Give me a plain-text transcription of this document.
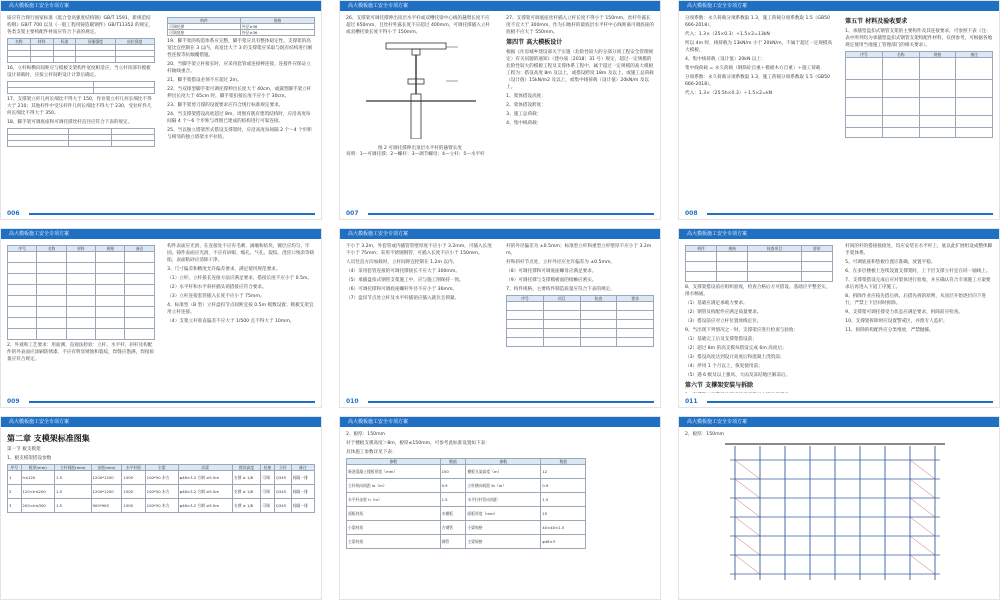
高大模板施工安全专项方案
质应符合现行国家标准《低合金高强度结构钢》GB/T 1591，新规范结构钢》GB/T 700 以及《一般工程用铸造碳钢件》GB/T11352 的规定，各类支架主要构配件材质应符合下表的规定。
名称	材料	标准	屈服强度	抗拉强度

16、立杆纵横向间距应与模板支架构件宽度相适应，当立杆顶部有模板设计荷载时，应按立杆间距设计计算后确定。

17、支撑架立杆几何长细比不得大于 150，作业架立杆几何长细比不得大于 210；其他杆件中受压杆件几何长细比不得大于 230，受拉杆件几何长细比不得大于 350。
18、脚手架可调底座和可调托撑丝杆直径应符合下表的规定。

构件	规格
可调托撑	外径≥36
可调底座	外径≥36
19、脚手架的构造体系应完整，脚手架应具有整体稳定性。支撑架的高宽比宜控制在 3 以内，高宽比大于 3 的支撑架应采取与既有结构进行刚性连接等抗倾覆措施。
20、当脚手架立杆接长时，应采用套管或连接棒连接，连接件应保证立杆轴线重合。
21、脚手架搭设必须不应超过 2m。
22、当双排型脚手架可调托撑伸出长度大于 40cm，或露型脚手架立杆伸出长度大于 65cm 时，脚手架扣接长度不应小于 30cm。
23、脚手架剪刀撑的设置要求应符合现行标准规定要求。
24、当支撑架搭设高度超过 8m，周围有既有建筑结构时，应沿高度每间隔 4 个～6 个步距与周围已建成的结构进行可靠连接。
25、当以独立塔架形式搭设支撑架时，应沿高度每间隔 2 个～4 个步距与相邻的独立塔架水平拉结。
006
高大模板施工安全专项方案
26、支撑架可调托撑伸出顶层水平杆或双槽托梁中心线的悬臂长度不应超过 650mm，且丝杆外露长度不应超过 400mm，可调托撑插入立杆或双槽托梁长度不得小于 150mm。
图 2 可调托撑伸出顶层水平杆的悬臂长度
说明：1—可调托撑；2—螺杆；3—调节螺母；4—立杆；5—水平杆
27、支撑架可调底座丝杆插入立杆长度不得小于 150mm，丝杆外露长度不宜大于 300mm，作为扫地杆的最底层水平杆中心线距离可调底座的底板不应大于 550mm。
第四节 高大模板设计
根据《住房城乡建设部关于实施〈危险性较大的分部分项工程安全管理规定〉有关问题的通知》（建办质〔2018〕31 号）规定，超过一定规模的危险性较大的模板工程及支撑体系工程中，属于超过一定规模的高大模板工程为：搭设高度 8m 及以上，或搭设跨度 18m 及以上，或施工总荷载（设计值）15kN/m2 及以上，或集中线荷载（设计值）20kN/m 及以上。
1、架体搭设高度：
2、架体搭设跨度：
3、施工总荷载：
4、集中线荷载：
007
高大模板施工安全专项方案
分项系数：永久荷载分项系数取 1.3，施工荷载分项系数取 1.5（GB50666-2018）。
代入：1.3×（25×0.3）+1.5×2=13kN
所以 4m 时，线荷载为 13kN/m 小于 20kN/m，不属于超过一定规模高大模板。
4、集中线荷载（设计值）20kN 以上：
集中线荷载 = 永久荷载（钢筋砼自重＋模板木方自重）＋施工荷载
分项系数：永久荷载分项系数取 1.3，施工荷载分项系数取 1.5（GB50666-2018）。
代入：1.3×（25.5h×0.3）＋1.5×2=kN
第五节 材料及验收要求
1、承插型盘扣式钢管支架的主要构件及其连接要求，可参照下表（注：表中所列均为承插型盘扣式钢管支架构配件材料，仅供参考，可根据各地规定使用当地施工管理部门的相关要求）。
序号	名称	规格	备注

008
高大模板施工安全专项方案
序号	名称	材料	规格	备注

2、外观和工艺要求：用面测、直观法检验：立杆、水平杆、斜杆及构配件的外表面应涂刷防锈漆，不应有明显锈蚀和裂纹，焊缝应饱满，焊接质量应符合规定。
构件表面应光滑，在连接处不应有毛刺、滴瘤和结块，镀层应均匀、牢固。铸件表面应光滑，不应有砂眼、缩孔、气孔、裂纹、浇冒口残余等缺陷，表面粘砂应清除干净。
3、尺寸偏差和精度允许偏差要求，满足使用规范要求。
（1）立杆、立杆接长连接方法应满足要求，搭接长度不应小于 0.5m。
（2）水平杆和水平斜杆插头销搭接应符合要求。
（3）立杆连接套管插入长度不应小于 75mm。
4、标准型（B 型）立杆盘扣节点间距宜按 0.5m 模数设置；模板支架宜用立杆连接。
（4）支架立杆垂直偏差不应大于 1/500 且不得大于 10mm。
009
高大模板施工安全专项方案
不小于 3.2m，外套管或内插管管壁厚度不应小于 3.2mm，可插入长度不小于 75mm；采用不锈钢钢管，可插入长度不应小于 150mm。
人员竖直方向加载时，立杆间距宜控制在 1.2m 以内。
（4）采用套管连接的可调托撑接长不应大于 300mm。
（5）承插盘扣式钢管支架施工中，应与施工图保持一致。
（6）可调托撑和可调底座螺杆外径不应小于 36mm。
（7）盘扣节点处立杆及水平杆插销应插入就位且锁紧。
杆的外径偏差为 ±0.5mm；标准型立杆和重型立杆壁厚不应小于 3.2mm。
杆和斜杆节点处，立杆外径应允许偏差为 ±0.5mm。
（8）可调托撑和可调底座螺母应满足要求。
（9）可调托撑与支撑模板面的接触应密实。
7、构件规格、主要构件制造质量应符合下表的规定。
序号	项目	检查	要求

010
高大模板施工安全专项方案
构件	规格	检查项目	要求

8、支撑架搭设前应组织验收，检查合格后方可搭设。基础应平整坚实，排水畅通。
（1）基础应满足承载力要求。
（2）钢管及构配件应满足质量要求。
（3）搭设前应对立杆位置放线定位。
9、当出现下列情况之一时，支撑架应进行检查与验收：
（1）基础完工后及支撑架搭设前；
（2）超过 8m 的高支模每搭设完成 6m 高度后；
（3）搭设高度达到设计高度后和混凝土浇筑前；
（4）停用 1 个月以上，恢复使用前；
（5）遇 6 级及以上强风、大雨及冻结地区解冻后。
第六节 支撑架安装与拆除
杆间的杆的搭接接接处，均应安装在水平杆上，底以此扩展组设成整体脚手架体系。
5、可调底座和垫板位置应准确，放置平稳。
6、在多层楼板上连续设置支撑架时，上下层支撑立杆宜在同一轴线上。
7、支撑架搭设完成后应对架体进行验收，并应确认符合专项施工方案要求后再进入下道工序施工。
8、拆除作业应按先搭后拆、后搭先拆的原则，从顶层开始逐层向下进行，严禁上下层同时拆除。
9、支撑架可调托撑受力状态应满足要求，拆除前应检查。
10、支撑架拆除时应设置警戒区，并派专人监护。
11、拆除的构配件应分类堆放，严禁抛掷。
011
高大模板施工安全专项方案
第二章 支模架标准图集
第一节 板支模架
1、板支模架搭设参数
序号	板厚(mm)	立杆间距(mm)	步距(mm)	水平杆距	主梁	次梁	搭设高度	托座	立杆	备注
1	h≤120	1.5	1200*1200	1500	100*50 木方	φ48×3.2 方钢 ≥5.5m	支撑 ≥ 1/8	可调	Q345	间隔一排
2	120<h≤200	1.5	1200*1200	1500	100*50 木方	φ48×3.2 方钢 ≥5.5m	支撑 ≥ 1/8	可调	Q345	间隔一排
3	200<h≤300	1.5	900*900	1500	100*50 木方	φ48×3.2 方钢 ≥5.5m	支撑 ≥ 1/8	可调	Q345	间隔一排
高大模板施工安全专项方案
2、板厚：150mm
对于楼板支模高度＞8m，板厚≤150mm，可参考此标准设置如下表：
具体施工参数详见下表：
参数	数值	参数	数值
新浇混凝土楼板厚度（mm）	150	模板支架高度（m）	12
立杆纵向间距 la（m）	0.9	立杆横向间距 lb（m）	0.9
水平杆步距 h（m）	1.5	水平拉杆竖向间距	1.5
面板材质	木模板	面板厚度（mm）	15
小梁材质	方钢管	小梁规格	40×40×1.5
主梁材质	钢管	主梁规格	φ48×3
高大模板施工安全专项方案
2、板厚：150mm
